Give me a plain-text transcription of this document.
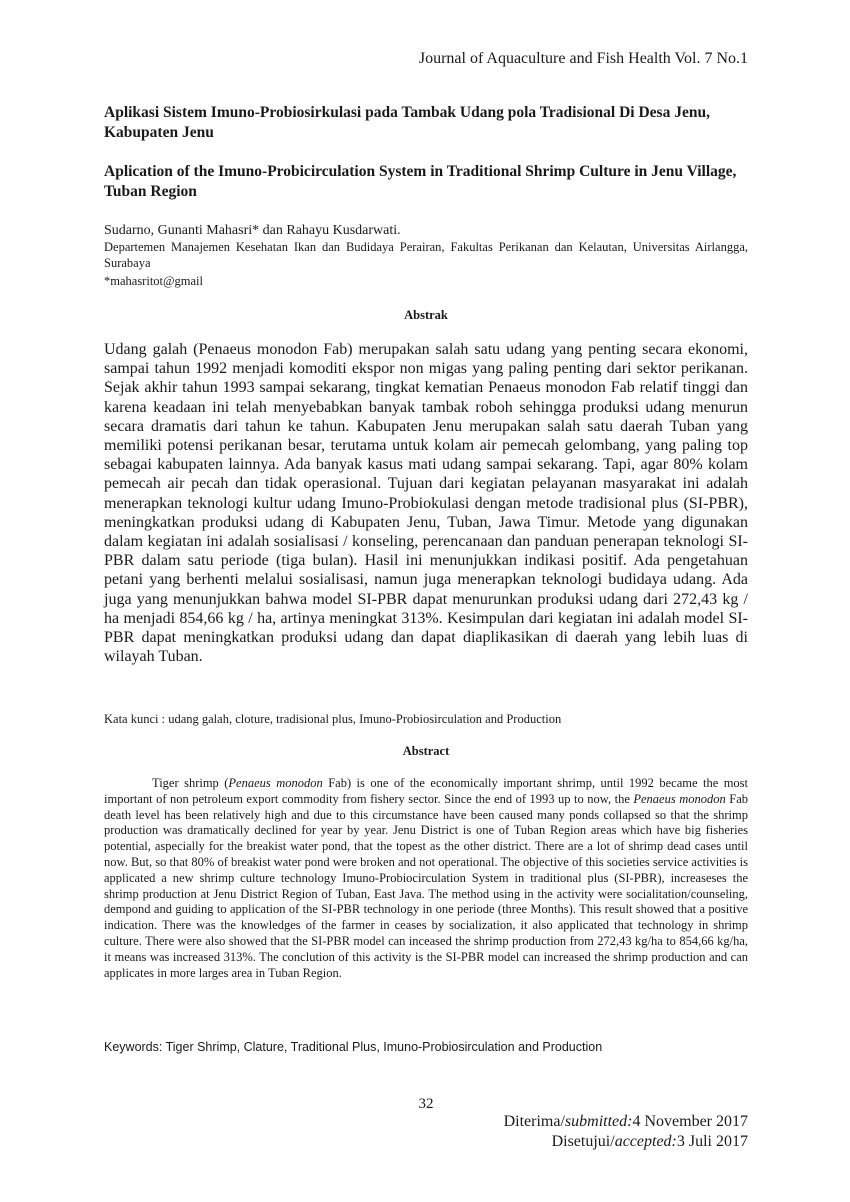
Journal of Aquaculture and Fish Health Vol. 7 No.1
Aplikasi Sistem Imuno-Probiosirkulasi pada Tambak Udang pola Tradisional Di Desa Jenu, Kabupaten Jenu
Aplication of the Imuno-Probicirculation System in Traditional Shrimp Culture in Jenu Village, Tuban Region
Sudarno, Gunanti Mahasri* dan Rahayu Kusdarwati.
Departemen Manajemen Kesehatan Ikan dan Budidaya Perairan, Fakultas Perikanan dan Kelautan, Universitas Airlangga, Surabaya
*mahasritot@gmail
Abstrak
Udang galah (Penaeus monodon Fab) merupakan salah satu udang yang penting secara ekonomi, sampai tahun 1992 menjadi komoditi ekspor non migas yang paling penting dari sektor perikanan. Sejak akhir tahun 1993 sampai sekarang, tingkat kematian Penaeus monodon Fab relatif tinggi dan karena keadaan ini telah menyebabkan banyak tambak roboh sehingga produksi udang menurun secara dramatis dari tahun ke tahun. Kabupaten Jenu merupakan salah satu daerah Tuban yang memiliki potensi perikanan besar, terutama untuk kolam air pemecah gelombang, yang paling top sebagai kabupaten lainnya. Ada banyak kasus mati udang sampai sekarang. Tapi, agar 80% kolam pemecah air pecah dan tidak operasional. Tujuan dari kegiatan pelayanan masyarakat ini adalah menerapkan teknologi kultur udang Imuno-Probiokulasi dengan metode tradisional plus (SI-PBR), meningkatkan produksi udang di Kabupaten Jenu, Tuban, Jawa Timur. Metode yang digunakan dalam kegiatan ini adalah sosialisasi / konseling, perencanaan dan panduan penerapan teknologi SI-PBR dalam satu periode (tiga bulan). Hasil ini menunjukkan indikasi positif. Ada pengetahuan petani yang berhenti melalui sosialisasi, namun juga menerapkan teknologi budidaya udang. Ada juga yang menunjukkan bahwa model SI-PBR dapat menurunkan produksi udang dari 272,43 kg / ha menjadi 854,66 kg / ha, artinya meningkat 313%. Kesimpulan dari kegiatan ini adalah model SI-PBR dapat meningkatkan produksi udang dan dapat diaplikasikan di daerah yang lebih luas di wilayah Tuban.
Kata kunci : udang galah, cloture, tradisional plus, Imuno-Probiosirculation and Production
Abstract
Tiger shrimp (Penaeus monodon Fab) is one of the economically important shrimp, until 1992 became the most important of non petroleum export commodity from fishery sector. Since the end of 1993 up to now, the Penaeus monodon Fab death level has been relatively high and due to this circumstance have been caused many ponds collapsed so that the shrimp production was dramatically declined for year by year. Jenu District is one of Tuban Region areas which have big fisheries potential, aspecially for the breakist water pond, that the topest as the other district. There are a lot of shrimp dead cases until now. But, so that 80% of breakist water pond were broken and not operational. The objective of this societies service activities is applicated a new shrimp culture technology Imuno-Probiocirculation System in traditional plus (SI-PBR), increaseses the shrimp production at Jenu District Region of Tuban, East Java. The method using in the activity were socialitation/counseling, dempond and guiding to application of the SI-PBR technology in one periode (three Months). This result showed that a positive indication. There was the knowledges of the farmer in ceases by socialization, it also applicated that technology in shrimp culture. There were also showed that the SI-PBR model can inceased the shrimp production from 272,43 kg/ha to 854,66 kg/ha, it means was increased 313%. The conclution of this activity is the SI-PBR model can increased the shrimp production and can applicates in more larges area in Tuban Region.
Keywords: Tiger Shrimp, Clature, Traditional Plus, Imuno-Probiosirculation and Production
32
Diterima/submitted:4 November 2017
Disetujui/accepted:3 Juli 2017
